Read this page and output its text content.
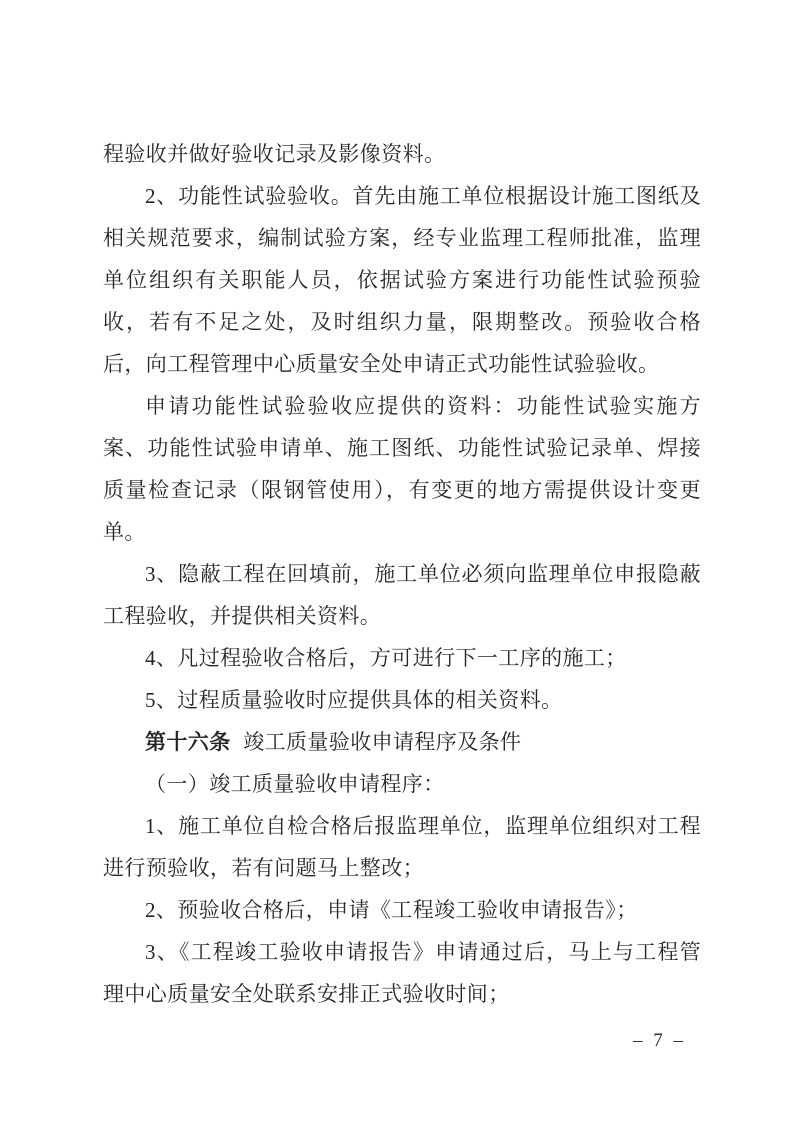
程验收并做好验收记录及影像资料。

2、功能性试验验收。首先由施工单位根据设计施工图纸及相关规范要求，编制试验方案，经专业监理工程师批准，监理单位组织有关职能人员，依据试验方案进行功能性试验预验收，若有不足之处，及时组织力量，限期整改。预验收合格后，向工程管理中心质量安全处申请正式功能性试验验收。

申请功能性试验验收应提供的资料：功能性试验实施方案、功能性试验申请单、施工图纸、功能性试验记录单、焊接质量检查记录（限钢管使用），有变更的地方需提供设计变更单。

3、隐蔽工程在回填前，施工单位必须向监理单位申报隐蔽工程验收，并提供相关资料。

4、凡过程验收合格后，方可进行下一工序的施工；

5、过程质量验收时应提供具体的相关资料。

第十六条 竣工质量验收申请程序及条件

（一）竣工质量验收申请程序：

1、施工单位自检合格后报监理单位，监理单位组织对工程进行预验收，若有问题马上整改；

2、预验收合格后，申请《工程竣工验收申请报告》；

3、《工程竣工验收申请报告》申请通过后，马上与工程管理中心质量安全处联系安排正式验收时间；

– 7 –
